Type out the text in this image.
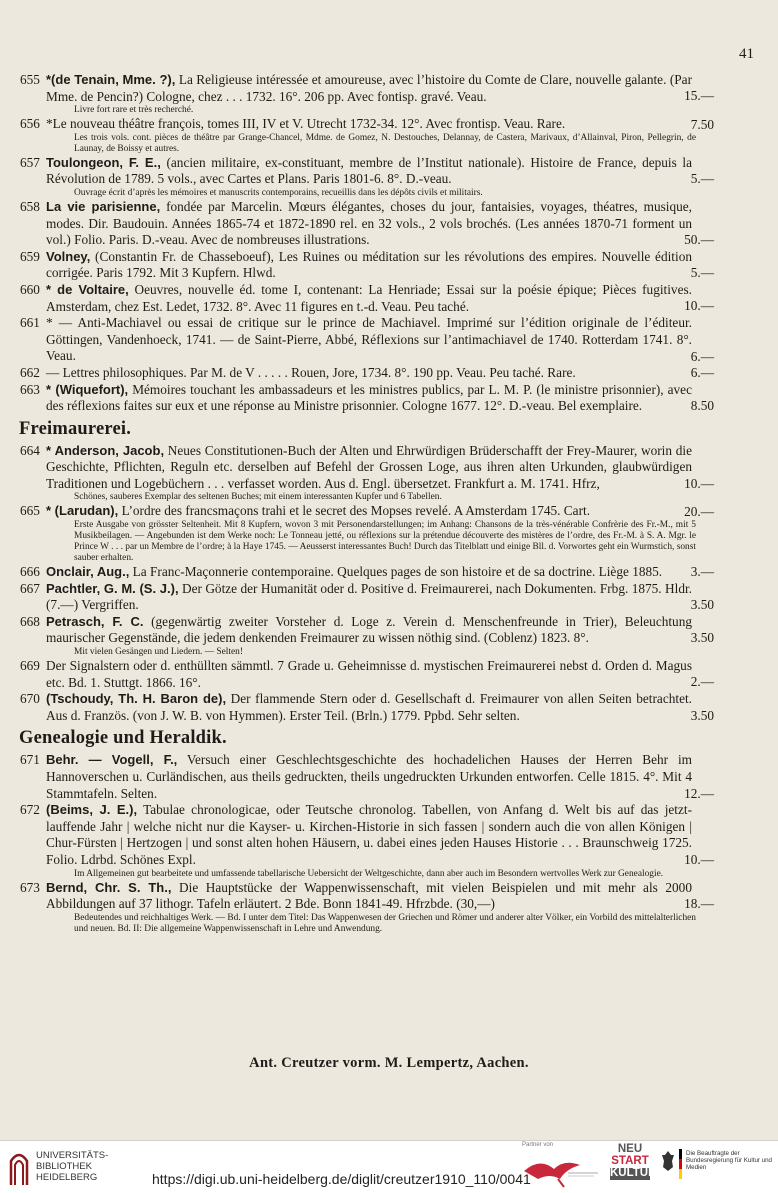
41
655 *(de Tenain, Mme. ?), La Religieuse intéressée et amoureuse, avec l’histoire du Comte de Clare, nouvelle galante. (Par Mme. de Pencin?) Cologne, chez . . . 1732. 16°. 206 pp. Avec fontisp. gravé. Veau.	15.—
Livre fort rare et très recherché.
656 *Le nouveau théâtre françois, tomes III, IV et V. Utrecht 1732-34. 12°. Avec frontisp. Veau. Rare.	7.50
Les trois vols. cont. pièces de théâtre par Grange-Chancel, Mdme. de Gomez, N. Destouches, Delannay, de Castera, Marivaux, d’Allainval, Piron, Pellegrin, de Launay, de Boissy et autres.
657 Toulongeon, F. E., (ancien militaire, ex-constituant, membre de l’Institut nationale). Histoire de France, depuis la Révolution de 1789. 5 vols., avec Cartes et Plans. Paris 1801-6. 8°. D.-veau.	5.—
Ouvrage écrit d’après les mémoires et manuscrits contemporains, recueillis dans les dépôts civils et militairs.
658 La vie parisienne, fondée par Marcelin. Mœurs élégantes, choses du jour, fantaisies, voyages, théatres, musique, modes. Dir. Baudouin. Années 1865-74 et 1872-1890 rel. en 32 vols., 2 vols brochés. (Les années 1870-71 forment un vol.) Folio. Paris. D.-veau. Avec de nombreuses illustrations.	50.—
659 Volney, (Constantin Fr. de Chasseboeuf), Les Ruines ou méditation sur les révolutions des empires. Nouvelle édition corrigée. Paris 1792. Mit 3 Kupfern. Hlwd.	5.—
660 * de Voltaire, Oeuvres, nouvelle éd. tome I, contenant: La Henriade; Essai sur la poésie épique; Pièces fugitives. Amsterdam, chez Est. Ledet, 1732. 8°. Avec 11 figures en t.-d. Veau. Peu taché.	10.—
661 * — Anti-Machiavel ou essai de critique sur le prince de Machiavel. Imprimé sur l’édition originale de l’éditeur. Göttingen, Vandenhoeck, 1741. — de Saint-Pierre, Abbé, Réflexions sur l’antimachiavel de 1740. Rotterdam 1741. 8°. Veau.	6.—
662 — Lettres philosophiques. Par M. de V . . . . . Rouen, Jore, 1734. 8°. 190 pp. Veau. Peu taché. Rare.	6.—
663 * (Wiquefort), Mémoires touchant les ambassadeurs et les ministres publics, par L. M. P. (le ministre prisonnier), avec des réflexions faites sur eux et une réponse au Ministre prisonnier. Cologne 1677. 12°. D.-veau. Bel exemplaire.	8.50
Freimaurerei.
664 * Anderson, Jacob, Neues Constitutionen-Buch der Alten und Ehrwürdigen Brüderschafft der Frey-Maurer, worin die Geschichte, Pflichten, Reguln etc. derselben auf Befehl der Grossen Loge, aus ihren alten Urkunden, glaubwürdigen Traditionen und Logebüchern . . . verfasset worden. Aus d. Engl. übersetzet. Frankfurt a. M. 1741. Hfrz,	10.—
Schönes, sauberes Exemplar des seltenen Buches; mit einem interessanten Kupfer und 6 Tabellen.
665 * (Larudan), L’ordre des francsmaçons trahi et le secret des Mopses revelé. A Amsterdam 1745. Cart.	20.—
Erste Ausgabe von grösster Seltenheit. Mit 8 Kupfern, wovon 3 mit Personendarstellungen; im Anhang: Chansons de la très-vénérable Confrèrie des Fr.-M., mit 5 Musikbeilagen. — Angebunden ist dem Werke noch: Le Tonneau jetté, ou réflexions sur la prétendue découverte des mistères de l’ordre, des Fr.-M. à S. A. Mgr. le Prince W . . . par un Membre de l’ordre; à la Haye 1745. — Aeusserst interessantes Buch! Durch das Titelblatt und einige Bll. d. Vorwortes geht ein Wurmstich, sonst sauber erhalten.
666 Onclair, Aug., La Franc-Maçonnerie contemporaine. Quelques pages de son histoire et de sa doctrine. Liège 1885.	3.—
667 Pachtler, G. M. (S. J.), Der Götze der Humanität oder d. Positive d. Freimaurerei, nach Dokumenten. Frbg. 1875. Hldr. (7.—) Vergriffen.	3.50
668 Petrasch, F. C. (gegenwärtig zweiter Vorsteher d. Loge z. Verein d. Menschenfreunde in Trier), Beleuchtung maurischer Gegenstände, die jedem denkenden Freimaurer zu wissen nöthig sind. (Coblenz) 1823. 8°.	3.50
Mit vielen Gesängen und Liedern. — Selten!
669 Der Signalstern oder d. enthüllten sämmtl. 7 Grade u. Geheimnisse d. mystischen Freimaurerei nebst d. Orden d. Magus etc. Bd. 1. Stuttgt. 1866. 16°.	2.—
670 (Tschoudy, Th. H. Baron de), Der flammende Stern oder d. Gesellschaft d. Freimaurer von allen Seiten betrachtet. Aus d. Französ. (von J. W. B. von Hymmen). Erster Teil. (Brln.) 1779. Ppbd. Sehr selten.	3.50
Genealogie und Heraldik.
671 Behr. — Vogell, F., Versuch einer Geschlechtsgeschichte des hochadelichen Hauses der Herren Behr im Hannoverschen u. Curländischen, aus theils gedruckten, theils ungedruckten Urkunden entworfen. Celle 1815. 4°. Mit 4 Stammtafeln. Selten.	12.—
672 (Beims, J. E.), Tabulae chronologicae, oder Teutsche chronolog. Tabellen, von Anfang d. Welt bis auf das jetzt-lauffende Jahr | welche nicht nur die Kayser- u. Kirchen-Historie in sich fassen | sondern auch die von allen Königen | Chur-Fürsten | Hertzogen | und sonst alten hohen Häusern, u. dabei eines jeden Hauses Historie . . . Braunschweig 1725. Folio. Ldrbd. Schönes Expl.	10.—
Im Allgemeinen gut bearbeitete und umfassende tabellarische Uebersicht der Weltgeschichte, dann aber auch im Besondern wertvolles Werk zur Genealogie.
673 Bernd, Chr. S. Th., Die Hauptstücke der Wappenwissenschaft, mit vielen Beispielen und mit mehr als 2000 Abbildungen auf 37 lithogr. Tafeln erläutert. 2 Bde. Bonn 1841-49. Hfrzbde. (30,—)	18.—
Bedeutendes und reichhaltiges Werk. — Bd. I unter dem Titel: Das Wappenwesen der Griechen und Römer und anderer alter Völker, ein Vorbild des mittelalterlichen und neuen. Bd. II: Die allgemeine Wappenwissenschaft in Lehre und Anwendung.
Ant. Creutzer vorm. M. Lempertz, Aachen.
UNIVERSITÄTS-
BIBLIOTHEK
HEIDELBERG	https://digi.ub.uni-heidelberg.de/diglit/creutzer1910_110/0041
Partner von	NEU
START
KULTUR
Die Beauftragte der Bundesregierung für Kultur und Medien
